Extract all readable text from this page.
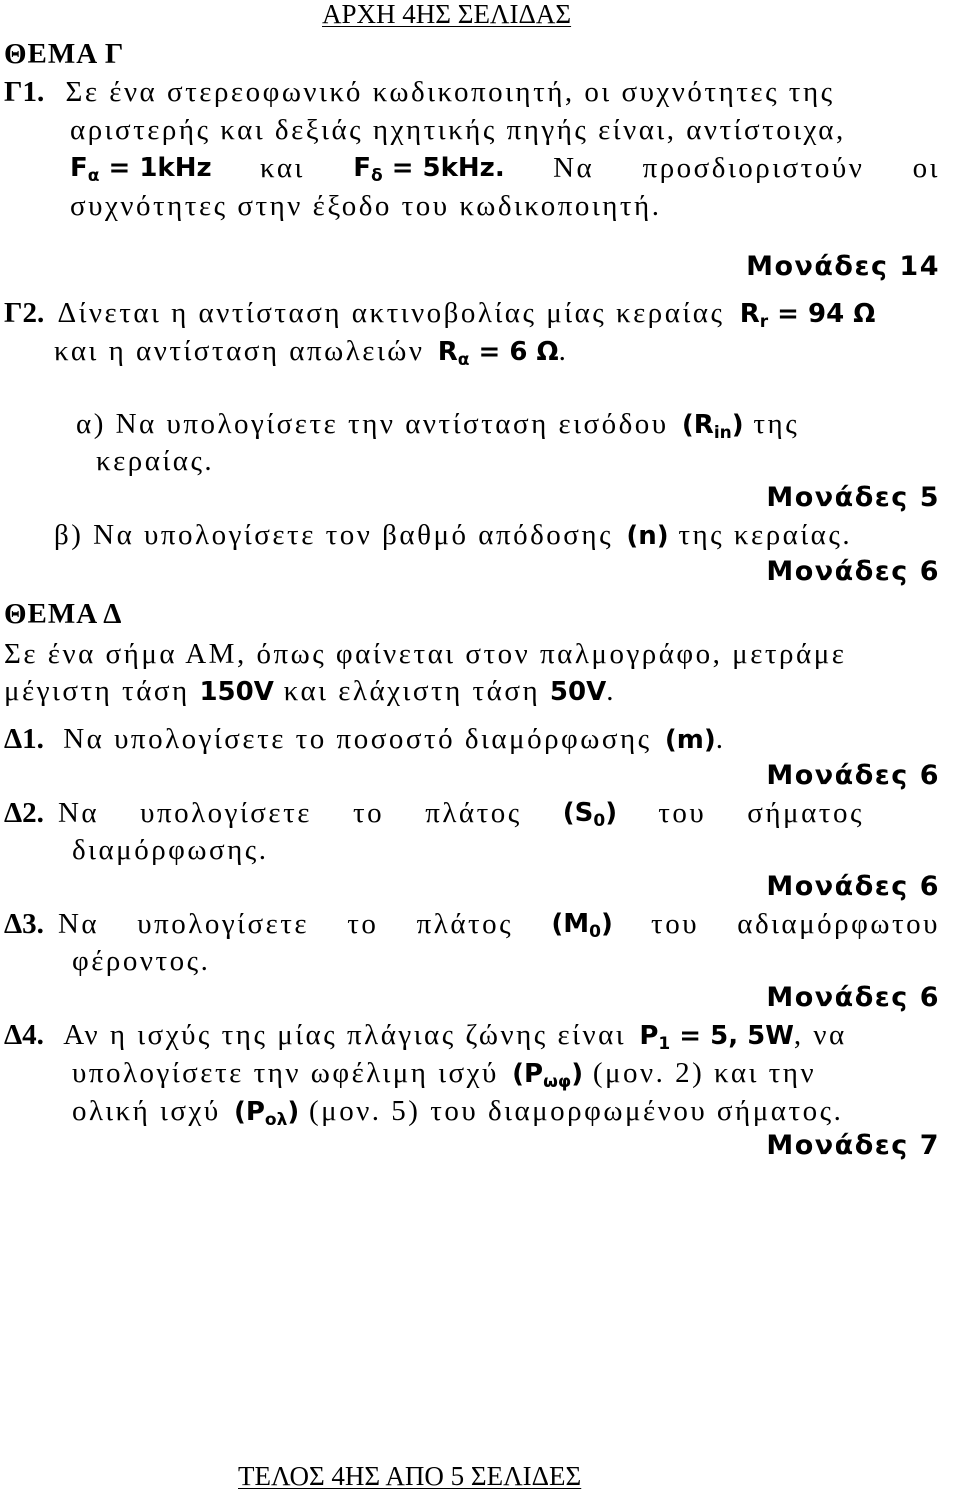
ΑΡΧΗ 4ΗΣ ΣΕΛΙΔΑΣ
ΘΕΜΑ Γ
Γ1. Σε ένα στερεοφωνικό κωδικοποιητή, οι συχνότητες της
αριστερής και δεξιάς ηχητικής πηγής είναι, αντίστοιχα,
$F_\alpha = 1kHz$ και $F_\delta = 5kHz$. Να προσδιοριστούν οι
συχνότητες στην έξοδο του κωδικοποιητή.
Μονάδες 14
Γ2. Δίνεται η αντίσταση ακτινοβολίας μίας κεραίας $R_r = 94$ Ω
και η αντίσταση απωλειών $R_\alpha = 6$ Ω.
α) Να υπολογίσετε την αντίσταση εισόδου $(R_{in})$ της
κεραίας.
Μονάδες 5
β) Να υπολογίσετε τον βαθμό απόδοσης (n) της κεραίας.
Μονάδες 6
ΘΕΜΑ Δ
Σε ένα σήμα ΑΜ, όπως φαίνεται στον παλμογράφο, μετράμε
μέγιστη τάση 150V και ελάχιστη τάση 50V.
Δ1. Να υπολογίσετε το ποσοστό διαμόρφωσης (m).
Μονάδες 6
Δ2. Να υπολογίσετε το πλάτος $(S_0)$ του σήματος
διαμόρφωσης.
Μονάδες 6
Δ3. Να υπολογίσετε το πλάτος $(M_0)$ του αδιαμόρφωτου
φέροντος.
Μονάδες 6
Δ4. Αν η ισχύς της μίας πλάγιας ζώνης είναι $P_1 = 5$, 5W, να
υπολογίσετε την ωφέλιμη ισχύ $(P_{\omega\varphi})$ (μον. 2) και την
ολική ισχύ $(P_{o\lambda})$ (μον. 5) του διαμορφωμένου σήματος.
Μονάδες 7
ΤΕΛΟΣ 4ΗΣ ΑΠΟ 5 ΣΕΛΙΔΕΣ
